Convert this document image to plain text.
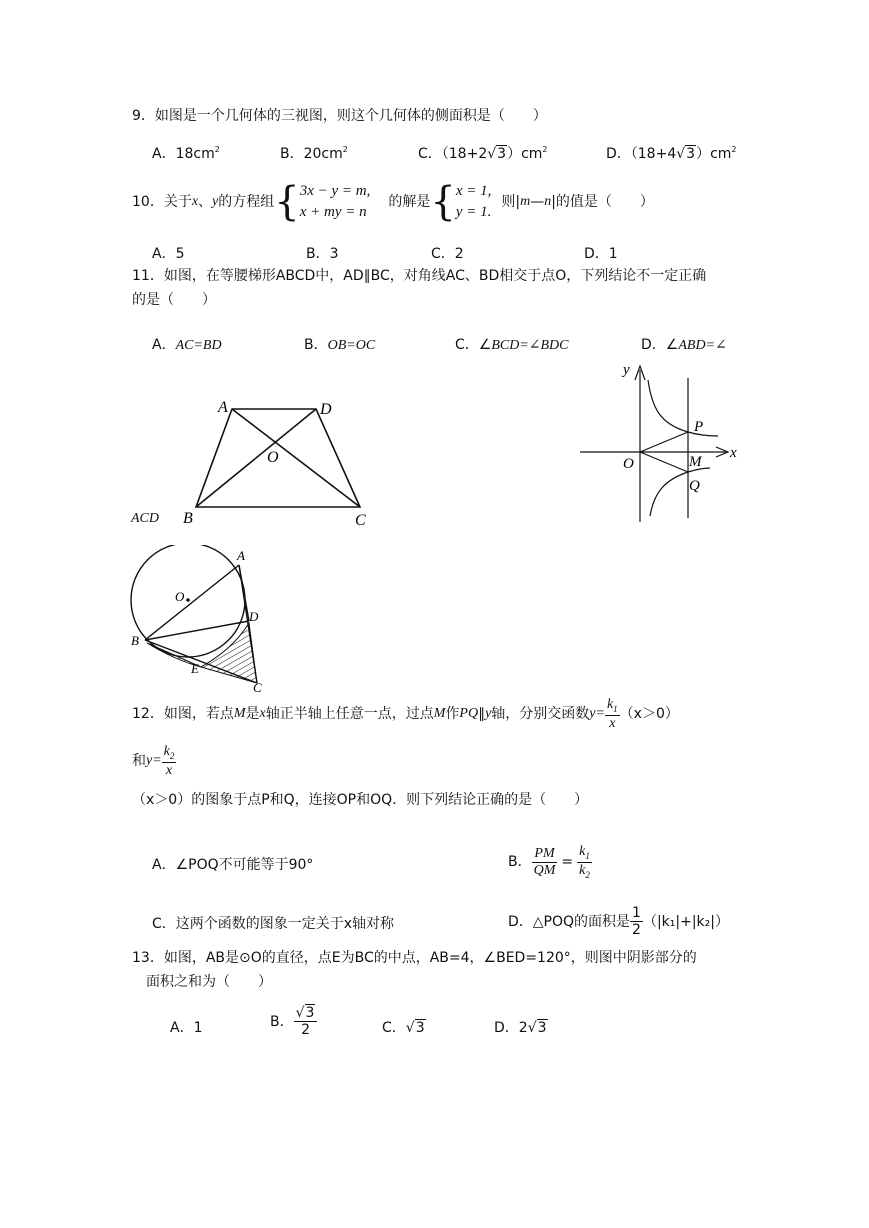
9．如图是一个几何体的三视图，则这个几何体的侧面积是（　　）
A．$18cm^2$	B．$20cm^2$	C．$(18+2√3)cm^2$	D．$(18+4√3)cm^2$
10．关于 x 、 y 的方程组 { 3x − y = m,
x + my = n
的解是 { x = 1,
y = 1.
则| m — n |的值是（　　）
A．5	B．3	C．2	D．1
11．如图，在等腰梯形ABCD中，AD∥BC，对角线AC、BD相交于点O，下列结论不一定正确
的是（　　）
A．AC=BD	B．OB=OC	C．∠BCD=∠BDC	D．∠ABD=∠
ACD
A	D
O
B	C
y
x
O
P
M
Q
A
O
D
B
E
C
12．如图，若点 M 是 x 轴正半轴上任意一点，过点 M 作 PQ ∥ y 轴，分别交函数 $y= \frac{k_1}{x} (x>0)$
和 $y= \frac{k_2}{x}$
（x＞0）的图象于点P和Q，连接OP和OQ．则下列结论正确的是（　　）
A．∠POQ不可能等于90°	B． $\frac{PM}{QM} = \frac{k_1}{k_2}$
C．这两个函数的图象一定关于x轴对称	D．△POQ的面积是 $\frac{1}{2} (|k_1|+|k_2|)$
13．如图，AB是⊙O的直径，点E为BC的中点，AB=4，∠BED=120°，则图中阴影部分的
面积之和为（　　）
A．1	B． $\frac{√3}{2}$	C．√3	D．2√3
